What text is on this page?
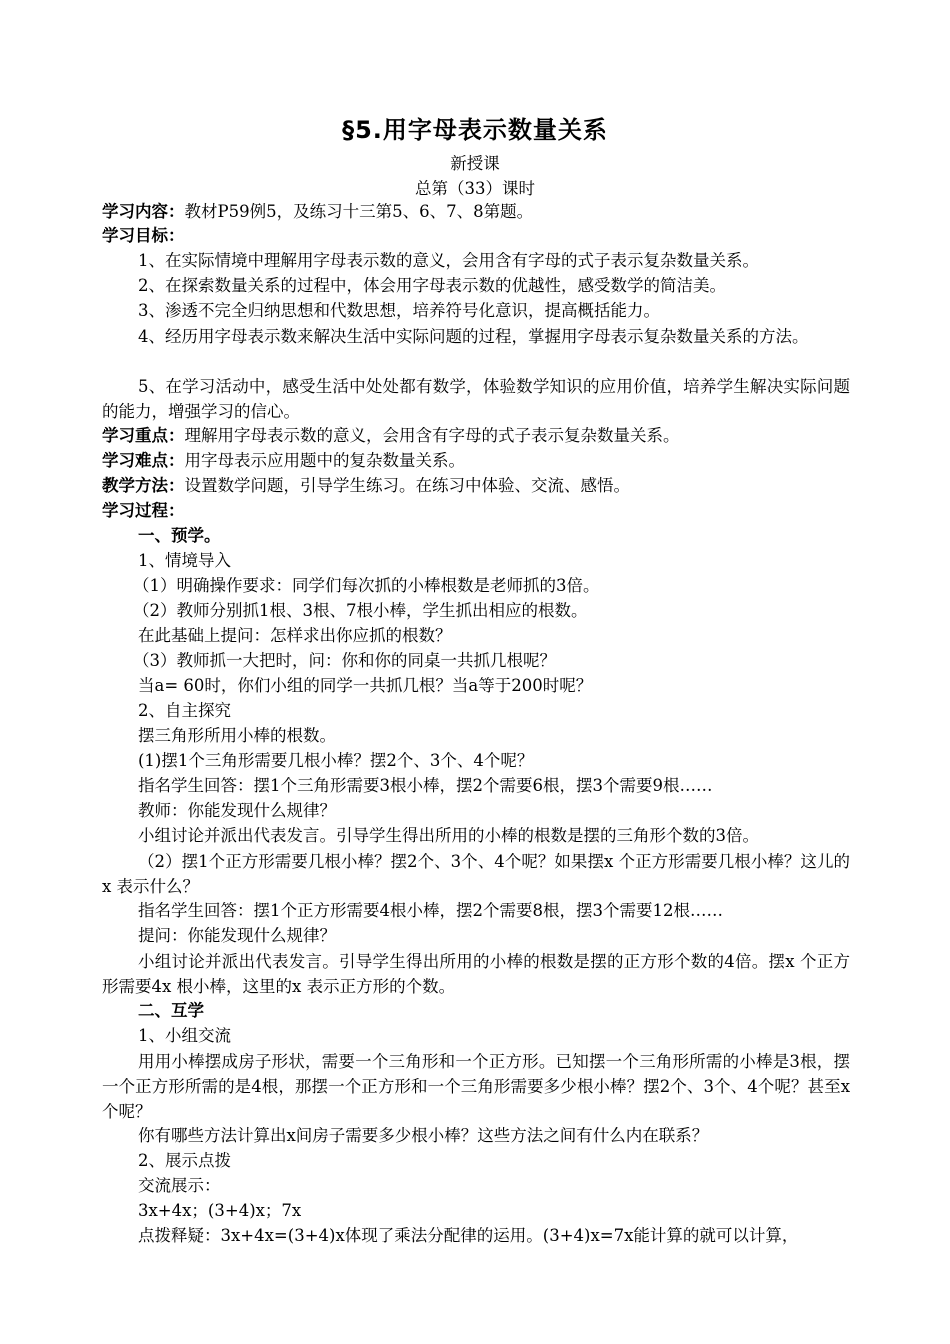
§5.用字母表示数量关系
新授课
总第（33）课时
学习内容：教材P59例5，及练习十三第5、6、7、8第题。
学习目标：
1、在实际情境中理解用字母表示数的意义，会用含有字母的式子表示复杂数量关系。
2、在探索数量关系的过程中，体会用字母表示数的优越性，感受数学的简洁美。
3、渗透不完全归纳思想和代数思想，培养符号化意识，提高概括能力。
4、经历用字母表示数来解决生活中实际问题的过程，掌握用字母表示复杂数量关系的方法。
5、在学习活动中，感受生活中处处都有数学，体验数学知识的应用价值，培养学生解决实际问题的能力，增强学习的信心。
学习重点：理解用字母表示数的意义，会用含有字母的式子表示复杂数量关系。
学习难点：用字母表示应用题中的复杂数量关系。
教学方法：设置数学问题，引导学生练习。在练习中体验、交流、感悟。
学习过程：
一、预学。
1、情境导入
（1）明确操作要求：同学们每次抓的小棒根数是老师抓的3倍。
（2）教师分别抓1根、3根、7根小棒，学生抓出相应的根数。
在此基础上提问：怎样求出你应抓的根数？
（3）教师抓一大把时，问：你和你的同桌一共抓几根呢？
当a= 60时，你们小组的同学一共抓几根？当a等于200时呢？
2、自主探究
摆三角形所用小棒的根数。
(1)摆1个三角形需要几根小棒？摆2个、3个、4个呢？
指名学生回答：摆1个三角形需要3根小棒，摆2个需要6根，摆3个需要9根……
教师：你能发现什么规律？
小组讨论并派出代表发言。引导学生得出所用的小棒的根数是摆的三角形个数的3倍。
（2）摆1个正方形需要几根小棒？摆2个、3个、4个呢？如果摆x 个正方形需要几根小棒？这儿的x 表示什么？
指名学生回答：摆1个正方形需要4根小棒，摆2个需要8根，摆3个需要12根……
提问：你能发现什么规律？
小组讨论并派出代表发言。引导学生得出所用的小棒的根数是摆的正方形个数的4倍。摆x 个正方形需要4x 根小棒，这里的x 表示正方形的个数。
二、互学
1、小组交流
用用小棒摆成房子形状，需要一个三角形和一个正方形。已知摆一个三角形所需的小棒是3根，摆一个正方形所需的是4根，那摆一个正方形和一个三角形需要多少根小棒？摆2个、3个、4个呢？甚至x 个呢？
你有哪些方法计算出x间房子需要多少根小棒？这些方法之间有什么内在联系？
2、展示点拨
交流展示：
3x+4x；(3+4)x；7x
点拨释疑：3x+4x=(3+4)x体现了乘法分配律的运用。(3+4)x=7x能计算的就可以计算，
